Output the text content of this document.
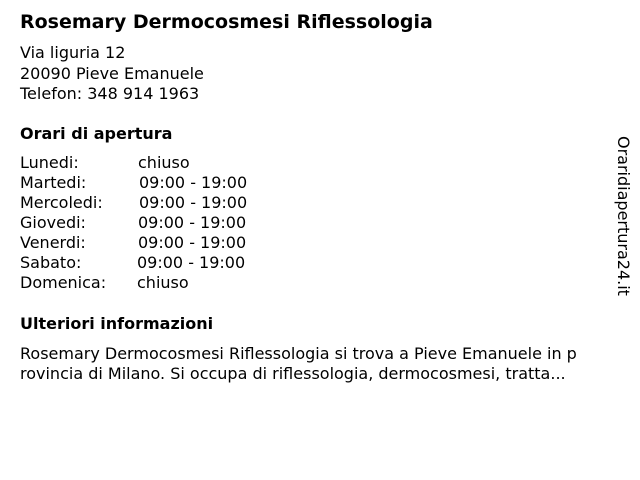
Rosemary Dermocosmesi Riflessologia
Via liguria 12
20090 Pieve Emanuele
Telefon: 348 914 1963
Orari di apertura
Lunedi:	chiuso
Martedi:	09:00 - 19:00
Mercoledi: 09:00 - 19:00
Giovedi:	09:00 - 19:00
Venerdi:	09:00 - 19:00
Sabato:	09:00 - 19:00
Domenica: chiuso
Ulteriori informazioni
Rosemary Dermocosmesi Riflessologia si trova a Pieve Emanuele in p
rovincia di Milano. Si occupa di riflessologia, dermocosmesi, tratta...
Oraridiapertura24.it
